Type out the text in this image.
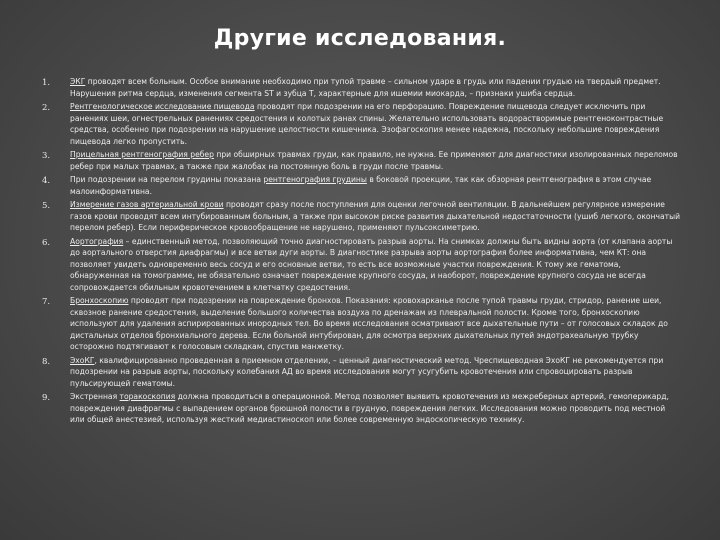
Другие исследования.
1.	ЭКГ проводят всем больным. Особое внимание необходимо при тупой травме – сильном ударе в грудь или падении грудью на твердый предмет. Нарушения ритма сердца, изменения сегмента ST и зубца T, характерные для ишемии миокарда, – признаки ушиба сердца.
2.	Рентгенологическое исследование пищевода проводят при подозрении на его перфорацию. Повреждение пищевода следует исключить при ранениях шеи, огнестрельных ранениях средостения и колотых ранах спины. Желательно использовать водорастворимые рентгеноконтрастные средства, особенно при подозрении на нарушение целостности кишечника. Эзофагоскопия менее надежна, поскольку небольшие повреждения пищевода легко пропустить.
3.	Прицельная рентгенография ребер при обширных травмах груди, как правило, не нужна. Ее применяют для диагностики изолированных переломов ребер при малых травмах, а также при жалобах на постоянную боль в груди после травмы.
4.	При подозрении на перелом грудины показана рентгенография грудины в боковой проекции, так как обзорная рентгенография в этом случае малоинформативна.
5.	Измерение газов артериальной крови проводят сразу после поступления для оценки легочной вентиляции. В дальнейшем регулярное измерение газов крови проводят всем интубированным больным, а также при высоком риске развития дыхательной недостаточности (ушиб легкого, окончатый перелом ребер). Если периферическое кровообращение не нарушено, применяют пульсоксиметрию.
6.	Аортография – единственный метод, позволяющий точно диагностировать разрыв аорты. На снимках должны быть видны аорта (от клапана аорты до аортального отверстия диафрагмы) и все ветви дуги аорты. В диагностике разрыва аорты аортография более информативна, чем КТ: она позволяет увидеть одновременно весь сосуд и его основные ветви, то есть все возможные участки повреждения. К тому же гематома, обнаруженная на томограмме, не обязательно означает повреждение крупного сосуда, и наоборот, повреждение крупного сосуда не всегда сопровождается обильным кровотечением в клетчатку средостения.
7.	Бронхоскопию проводят при подозрении на повреждение бронхов. Показания: кровохарканье после тупой травмы груди, стридор, ранение шеи, сквозное ранение средостения, выделение большого количества воздуха по дренажам из плевральной полости. Кроме того, бронхоскопию используют для удаления аспирированных инородных тел. Во время исследования осматривают все дыхательные пути – от голосовых складок до дистальных отделов бронхиального дерева. Если больной интубирован, для осмотра верхних дыхательных путей эндотрахеальную трубку осторожно подтягивают к голосовым складкам, спустив манжетку.
8.	ЭхоКГ, квалифицированно проведенная в приемном отделении, – ценный диагностический метод. Чреспищеводная ЭхоКГ не рекомендуется при подозрении на разрыв аорты, поскольку колебания АД во время исследования могут усугубить кровотечения или спровоцировать разрыв пульсирующей гематомы.
9.	Экстренная торакоскопия должна проводиться в операционной. Метод позволяет выявить кровотечения из межреберных артерий, гемоперикард, повреждения диафрагмы с выпадением органов брюшной полости в грудную, повреждения легких. Исследования можно проводить под местной или общей анестезией, используя жесткий медиастиноскоп или более современную эндоскопическую технику.
